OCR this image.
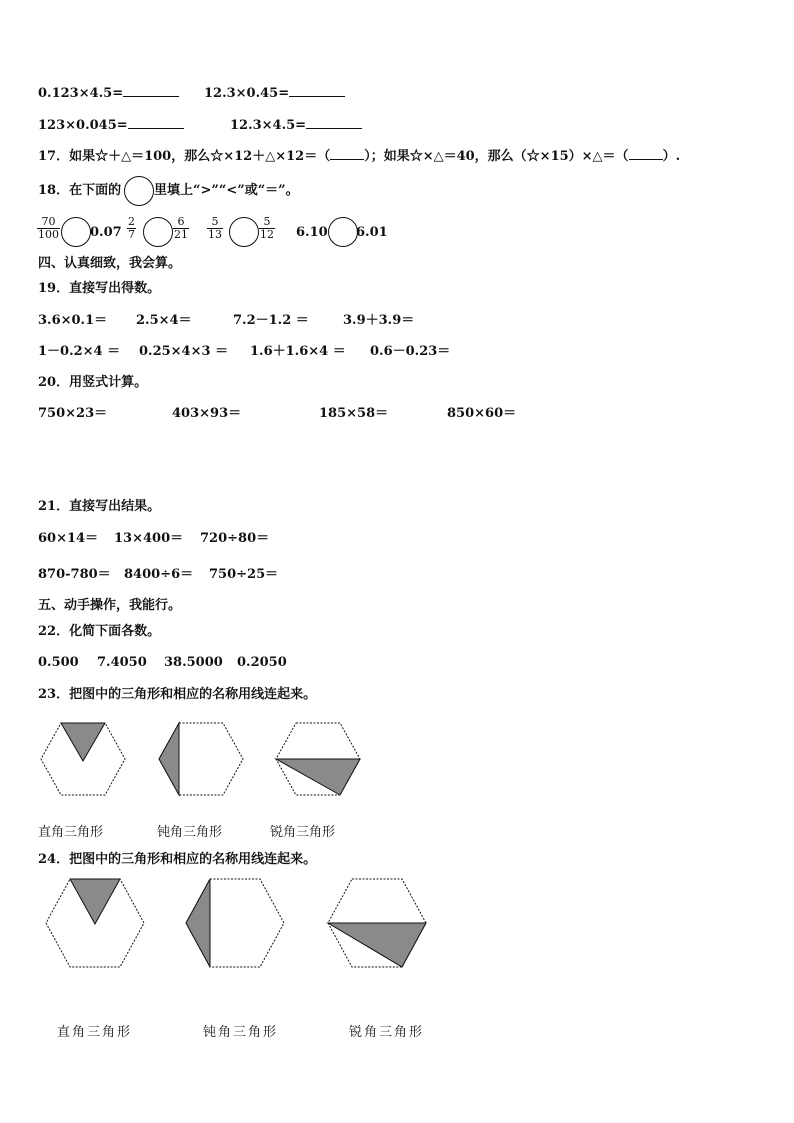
0.123×4.5=	12.3×0.45=
123×0.045=	12.3×4.5=
17．如果☆＋△＝100，那么☆×12＋△×12＝（	）；如果☆×△＝40，那么（☆×15）×△＝（	）.
18．在下面的	里填上“>”“<”或“＝”。
$\frac{70}{100} 0.07 \frac{2}{7}$	$\frac{6}{21} \frac{5}{13}$	$\frac{5}{12} 6.10$ 6.01
四、认真细致，我会算。
19．直接写出得数。
3.6×0.1＝ 2.5×4＝	7.2－1.2 ＝	3.9＋3.9＝
1－0.2×4 ＝ 0.25×4×3 ＝ 1.6＋1.6×4 ＝ 0.6－0.23＝
20．用竖式计算。
750×23＝	403×93＝	185×58＝	850×60＝
21．直接写出结果。
60×14＝ 13×400＝ 720÷80＝
870-780＝ 8400÷6＝ 750÷25＝
五、动手操作，我能行。
22．化简下面各数。
0.500 7.4050 38.5000 0.2050
23．把图中的三角形和相应的名称用线连起来。
直角三角形	钝角三角形	锐角三角形
24．把图中的三角形和相应的名称用线连起来。
直角三角形	钝角三角形	锐角三角形
